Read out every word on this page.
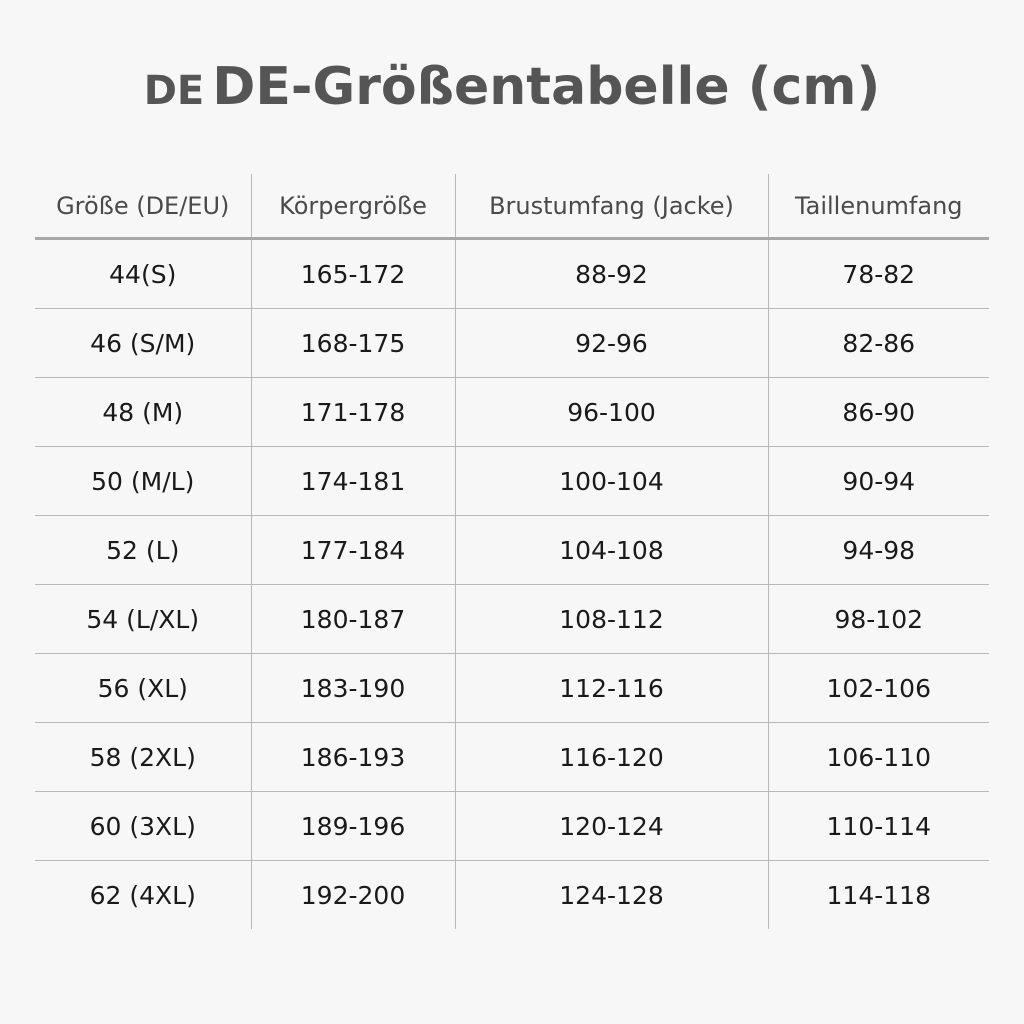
DE DE-Größentabelle (cm)
Größe (DE/EU)	Körpergröße	Brustumfang (Jacke)	Taillenumfang
44(S)	165-172	88-92	78-82
46 (S/M)	168-175	92-96	82-86
48 (M)	171-178	96-100	86-90
50 (M/L)	174-181	100-104	90-94
52 (L)	177-184	104-108	94-98
54 (L/XL)	180-187	108-112	98-102
56 (XL)	183-190	112-116	102-106
58 (2XL)	186-193	116-120	106-110
60 (3XL)	189-196	120-124	110-114
62 (4XL)	192-200	124-128	114-118
